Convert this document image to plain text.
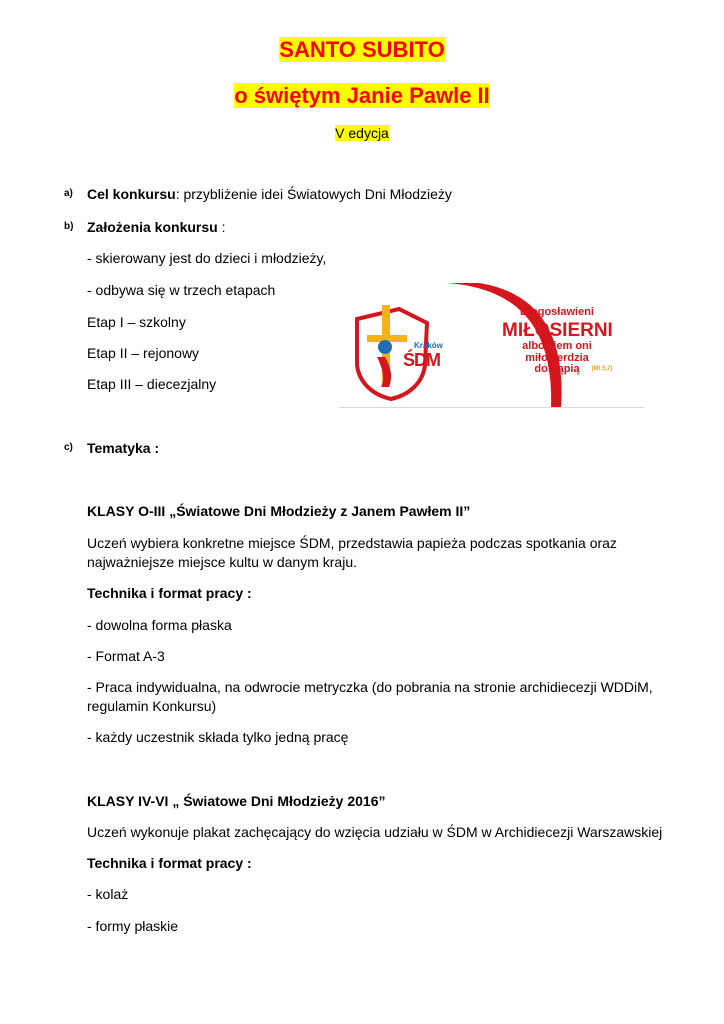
SANTO SUBITO
o świętym Janie Pawle II
V edycja
a) Cel konkursu: przybliżenie idei Światowych Dni Młodzieży
b) Założenia konkursu :
- skierowany jest do dzieci i młodzieży,
- odbywa się w trzech etapach
Etap I – szkolny
Etap II – rejonowy
Etap III – diecezjalny
Kraków
ŚDM
Błogosławieni
MIŁOSIERNI
albowiem oni
miłosierdzia dostąpią	(Mt 5,7)
c) Tematyka :
KLASY O-III „Światowe Dni Młodzieży z Janem Pawłem II”
Uczeń wybiera konkretne miejsce ŚDM, przedstawia papieża podczas spotkania oraz
najważniejsze miejsce kultu w danym kraju.
Technika i format pracy :
- dowolna forma płaska
- Format A-3
- Praca indywidualna, na odwrocie metryczka (do pobrania na stronie archidiecezji WDDiM,
regulamin Konkursu)
- każdy uczestnik składa tylko jedną pracę
KLASY IV-VI „ Światowe Dni Młodzieży 2016”
Uczeń wykonuje plakat zachęcający do wzięcia udziału w ŚDM w Archidiecezji Warszawskiej
Technika i format pracy :
- kolaż
- formy płaskie
